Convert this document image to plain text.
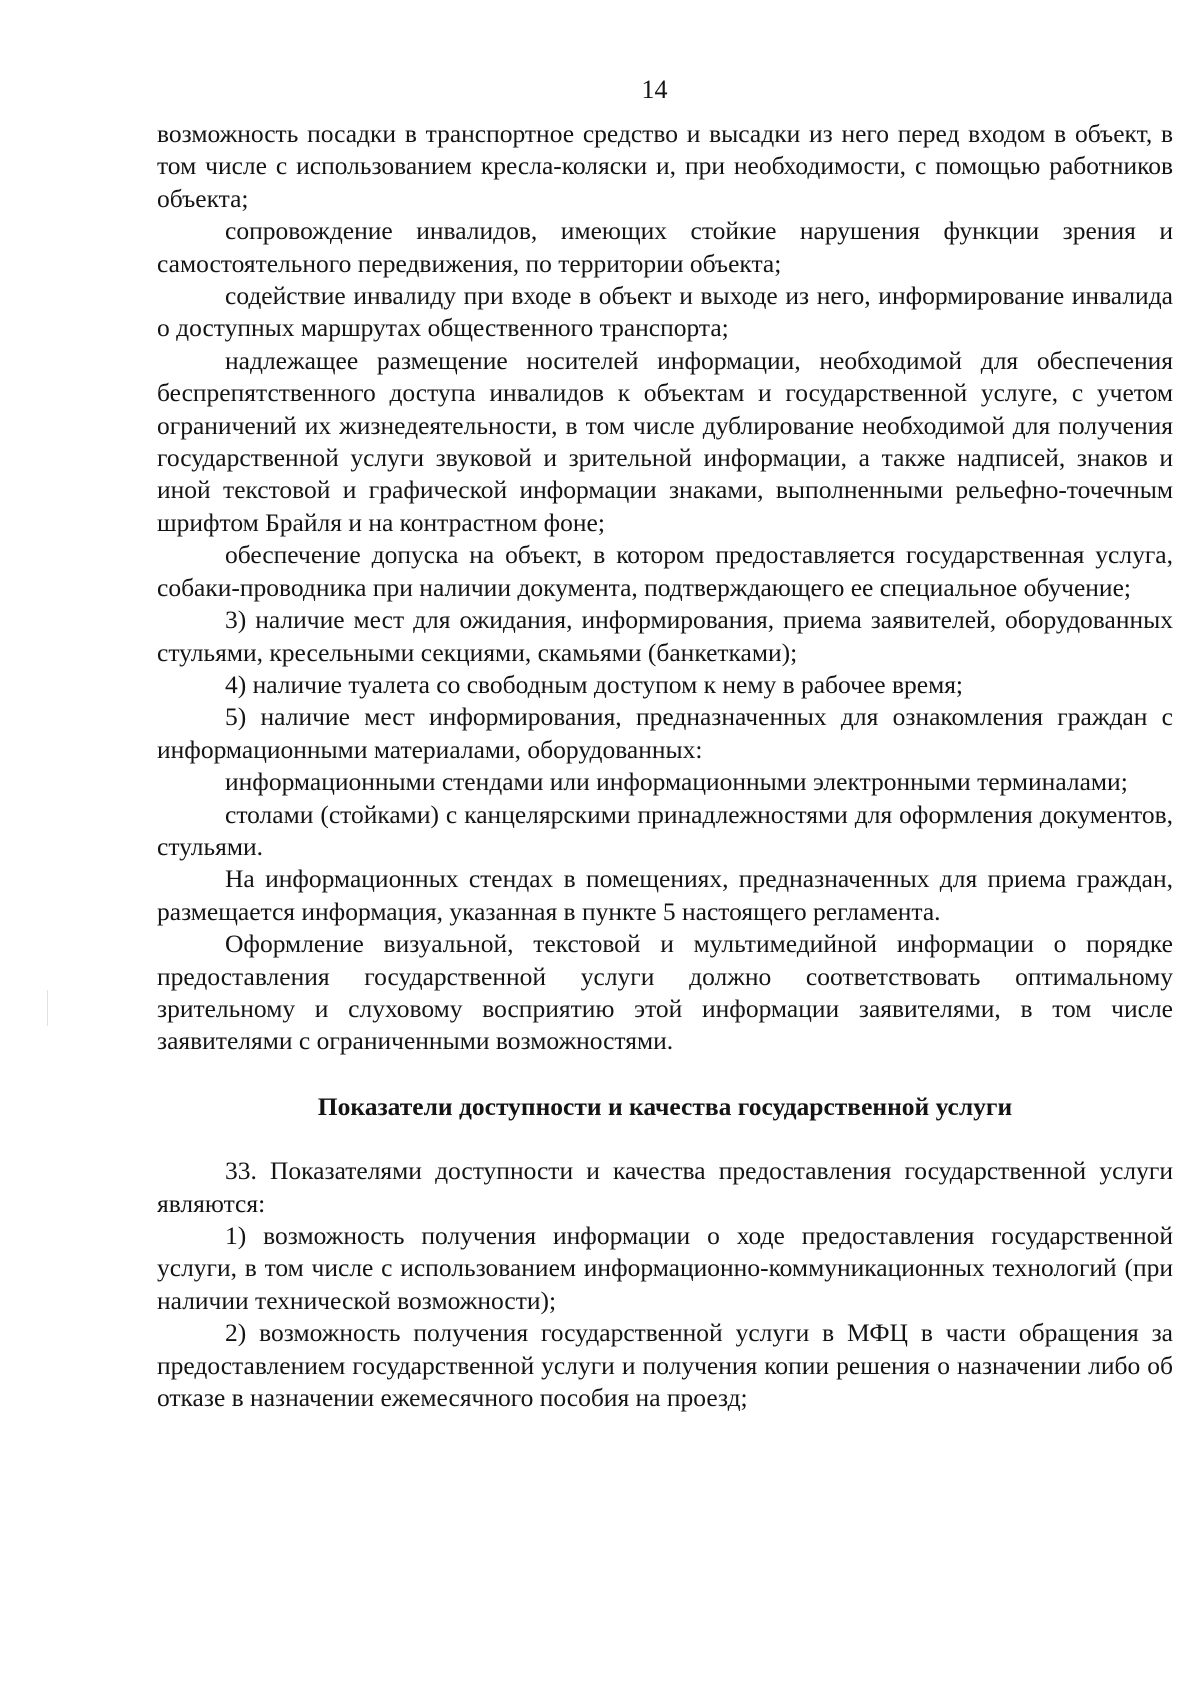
14

возможность посадки в транспортное средство и высадки из него перед входом в объект, в том числе с использованием кресла-коляски и, при необходимости, с помощью работников объекта;

сопровождение инвалидов, имеющих стойкие нарушения функции зрения и самостоятельного передвижения, по территории объекта;

содействие инвалиду при входе в объект и выходе из него, информирование инвалида о доступных маршрутах общественного транспорта;

надлежащее размещение носителей информации, необходимой для обеспечения беспрепятственного доступа инвалидов к объектам и государственной услуге, с учетом ограничений их жизнедеятельности, в том числе дублирование необходимой для получения государственной услуги звуковой и зрительной информации, а также надписей, знаков и иной текстовой и графической информации знаками, выполненными рельефно-точечным шрифтом Брайля и на контрастном фоне;

обеспечение допуска на объект, в котором предоставляется государственная услуга, собаки-проводника при наличии документа, подтверждающего ее специальное обучение;

3) наличие мест для ожидания, информирования, приема заявителей, оборудованных стульями, кресельными секциями, скамьями (банкетками);

4) наличие туалета со свободным доступом к нему в рабочее время;

5) наличие мест информирования, предназначенных для ознакомления граждан с информационными материалами, оборудованных:

информационными стендами или информационными электронными терминалами;

столами (стойками) с канцелярскими принадлежностями для оформления документов, стульями.

На информационных стендах в помещениях, предназначенных для приема граждан, размещается информация, указанная в пункте 5 настоящего регламента.

Оформление визуальной, текстовой и мультимедийной информации о порядке предоставления государственной услуги должно соответствовать оптимальному зрительному и слуховому восприятию этой информации заявителями, в том числе заявителями с ограниченными возможностями.

Показатели доступности и качества государственной услуги

33. Показателями доступности и качества предоставления государственной услуги являются:

1) возможность получения информации о ходе предоставления государственной услуги, в том числе с использованием информационно-коммуникационных технологий (при наличии технической возможности);

2) возможность получения государственной услуги в МФЦ в части обращения за предоставлением государственной услуги и получения копии решения о назначении либо об отказе в назначении ежемесячного пособия на проезд;
